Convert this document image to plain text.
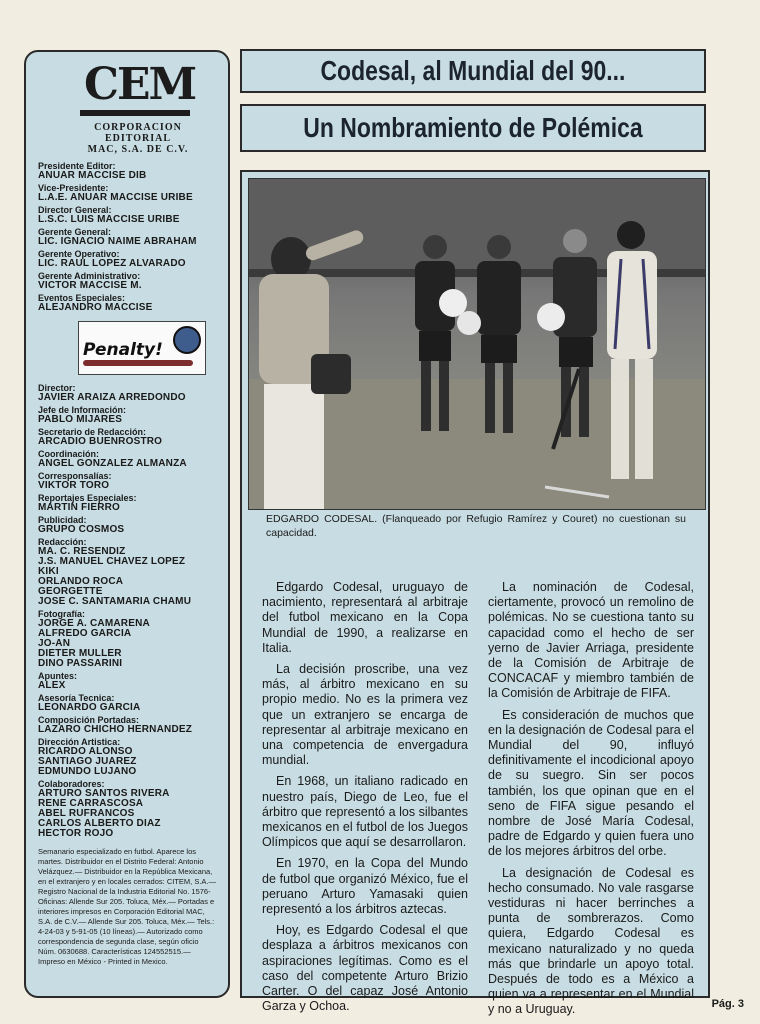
CEM
CORPORACION
EDITORIAL
MAC, S.A. DE C.V.
Presidente Editor:
ANUAR MACCISE DIB
Vice-Presidente:
L.A.E. ANUAR MACCISE URIBE
Director General:
L.S.C. LUIS MACCISE URIBE
Gerente General:
LIC. IGNACIO NAIME ABRAHAM
Gerente Operativo:
LIC. RAUL LOPEZ ALVARADO
Gerente Administrativo:
VICTOR MACCISE M.
Eventos Especiales:
ALEJANDRO MACCISE
Penalty!
Director:
JAVIER ARAIZA ARREDONDO
Jefe de Información:
PABLO MIJARES
Secretario de Redacción:
ARCADIO BUENROSTRO
Coordinación:
ANGEL GONZALEZ ALMANZA
Corresponsalías:
VIKTOR TORO
Reportajes Especiales:
MARTIN FIERRO
Publicidad:
GRUPO COSMOS
Redacción:
MA. C. RESENDIZ
J.S. MANUEL CHAVEZ LOPEZ
KIKI
ORLANDO ROCA
GEORGETTE
JOSE C. SANTAMARIA CHAMU
Fotografía:
JORGE A. CAMARENA
ALFREDO GARCIA
JO-AN
DIETER MULLER
DINO PASSARINI
Apuntes:
ALEX
Asesoría Tecnica:
LEONARDO GARCIA
Composición Portadas:
LAZARO CHICHO HERNANDEZ
Dirección Artistica:
RICARDO ALONSO
SANTIAGO JUAREZ
EDMUNDO LUJANO
Colaboradores:
ARTURO SANTOS RIVERA
RENE CARRASCOSA
ABEL RUFRANCOS
CARLOS ALBERTO DIAZ
HECTOR ROJO
Semanario especializado en futbol. Aparece los martes. Distribuidor en el Distrito Federal: Antonio Velázquez.— Distribuidor en la República Mexicana, en el extranjero y en locales cerrados: CITEM, S.A.— Registro Nacional de la Industria Editorial No. 1576-Oficinas: Allende Sur 205. Toluca, Méx.— Portadas e interiores impresos en Corporación Editorial MAC, S.A. de C.V.— Allende Sur 205. Toluca, Méx.— Tels.: 4-24-03 y 5-91-05 (10 líneas).— Autorizado como correspondencia de segunda clase, según oficio Núm. 0630688. Características 124552515.— Impreso en México - Printed in Mexico.
Codesal, al Mundial del 90...
Un Nombramiento de Polémica
EDGARDO CODESAL. (Flanqueado por Refugio Ramírez y Couret) no cuestionan su capacidad.

Edgardo Codesal, uruguayo de nacimiento, representará al arbitraje del futbol mexicano en la Copa Mundial de 1990, a realizarse en Italia.

La decisión proscribe, una vez más, al árbitro mexicano en su propio medio. No es la primera vez que un extranjero se encarga de representar al arbitraje mexicano en una competencia de envergadura mundial.

En 1968, un italiano radicado en nuestro país, Diego de Leo, fue el árbitro que representó a los silbantes mexicanos en el futbol de los Juegos Olímpicos que aquí se desarrollaron.

En 1970, en la Copa del Mundo de futbol que organizó México, fue el peruano Arturo Yamasaki quien representó a los árbitros aztecas.

Hoy, es Edgardo Codesal el que desplaza a árbitros mexicanos con aspiraciones legítimas. Como es el caso del competente Arturo Brizio Carter. O del capaz José Antonio Garza y Ochoa.

La nominación de Codesal, ciertamente, provocó un remolino de polémicas. No se cuestiona tanto su capacidad como el hecho de ser yerno de Javier Arriaga, presidente de la Comisión de Arbitraje de CONCACAF y miembro también de la Comisión de Arbitraje de FIFA.

Es consideración de muchos que en la designación de Codesal para el Mundial del 90, influyó definitivamente el incodicional apoyo de su suegro. Sin ser pocos también, los que opinan que en el seno de FIFA sigue pesando el nombre de José María Codesal, padre de Edgardo y quien fuera uno de los mejores árbitros del orbe.

La designación de Codesal es hecho consumado. No vale rasgarse vestiduras ni hacer berrinches a punta de sombrerazos. Como quiera, Edgardo Codesal es mexicano naturalizado y no queda más que brindarle un apoyo total. Después de todo es a México a quien va a representar en el Mundial y no a Uruguay.	Pág. 3
